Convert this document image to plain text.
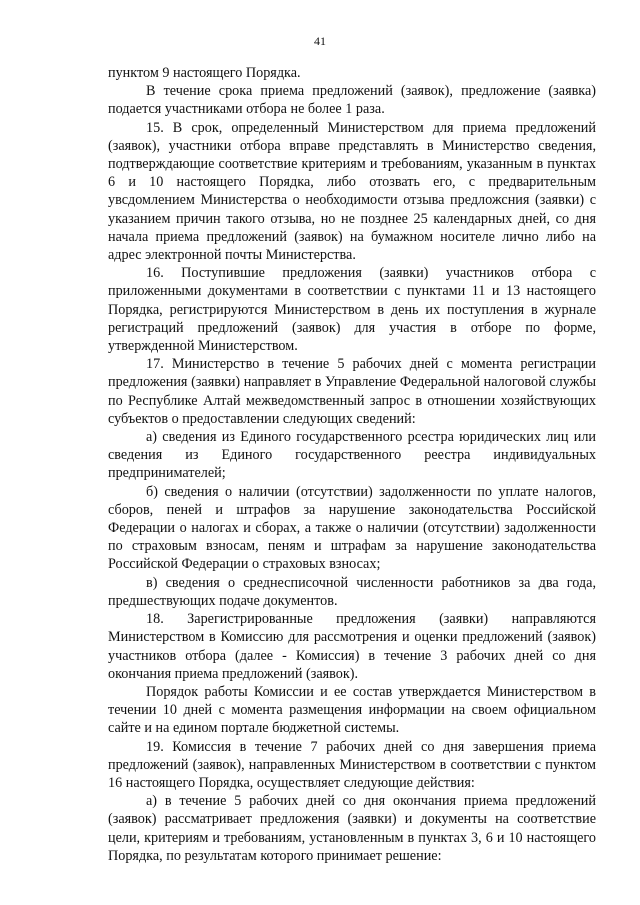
41

пунктом 9 настоящего Порядка.

В течение срока приема предложений (заявок), предложение (заявка) подается участниками отбора не более 1 раза.

15. В срок, определенный Министерством для приема предложений (заявок), участники отбора вправе представлять в Министерство сведения, подтверждающие соответствие критериям и требованиям, указанным в пунктах 6 и 10 настоящего Порядка, либо отозвать его, с предварительным увсдомлением Министерства о необходимости отзыва предложсния (заявки) с указанием причин такого отзыва, но не позднее 25 календарных дней, со дня начала приема предложений (заявок) на бумажном носителе лично либо на адрес электронной почты Министерства.

16. Поступившие предложения (заявки) участников отбора с приложенными документами в соответствии с пунктами 11 и 13 настоящего Порядка, регистрируются Министерством в день их поступления в журнале регистраций предложений (заявок) для участия в отборе по форме, утвержденной Министерством.

17. Министерство в течение 5 рабочих дней с момента регистрации предложения (заявки) направляет в Управление Федеральной налоговой службы по Республике Алтай межведомственный запрос в отношении хозяйствующих субъектов о предоставлении следующих сведений:

а) сведения из Единого государственного рсестра юридических лиц или сведения из Единого государственного реестра индивидуальных предпринимателей;

б) сведения о наличии (отсутствии) задолженности по уплате налогов, сборов, пеней и штрафов за нарушение законодательства Российской Федерации о налогах и сборах, а также о наличии (отсутствии) задолженности по страховым взносам, пеням и штрафам за нарушение законодательства Российской Федерации о страховых взносах;

в) сведения о среднесписочной численности работников за два года, предшествующих подаче документов.

18. Зарегистрированные предложения (заявки) направляются Министерством в Комиссию для рассмотрения и оценки предложений (заявок) участников отбора (далее - Комиссия) в течение 3 рабочих дней со дня окончания приема предложений (заявок).

Порядок работы Комиссии и ее состав утверждается Министерством в течении 10 дней с момента размещения информации на своем официальном сайте и на едином портале бюджетной системы.

19. Комиссия в течение 7 рабочих дней со дня завершения приема предложений (заявок), направленных Министерством в соответствии с пунктом 16 настоящего Порядка, осуществляет следующие действия:

а) в течение 5 рабочих дней со дня окончания приема предложений (заявок) рассматривает предложения (заявки) и документы на соответствие цели, критериям и требованиям, установленным в пунктах 3, 6 и 10 настоящего Порядка, по результатам которого принимает решение:
